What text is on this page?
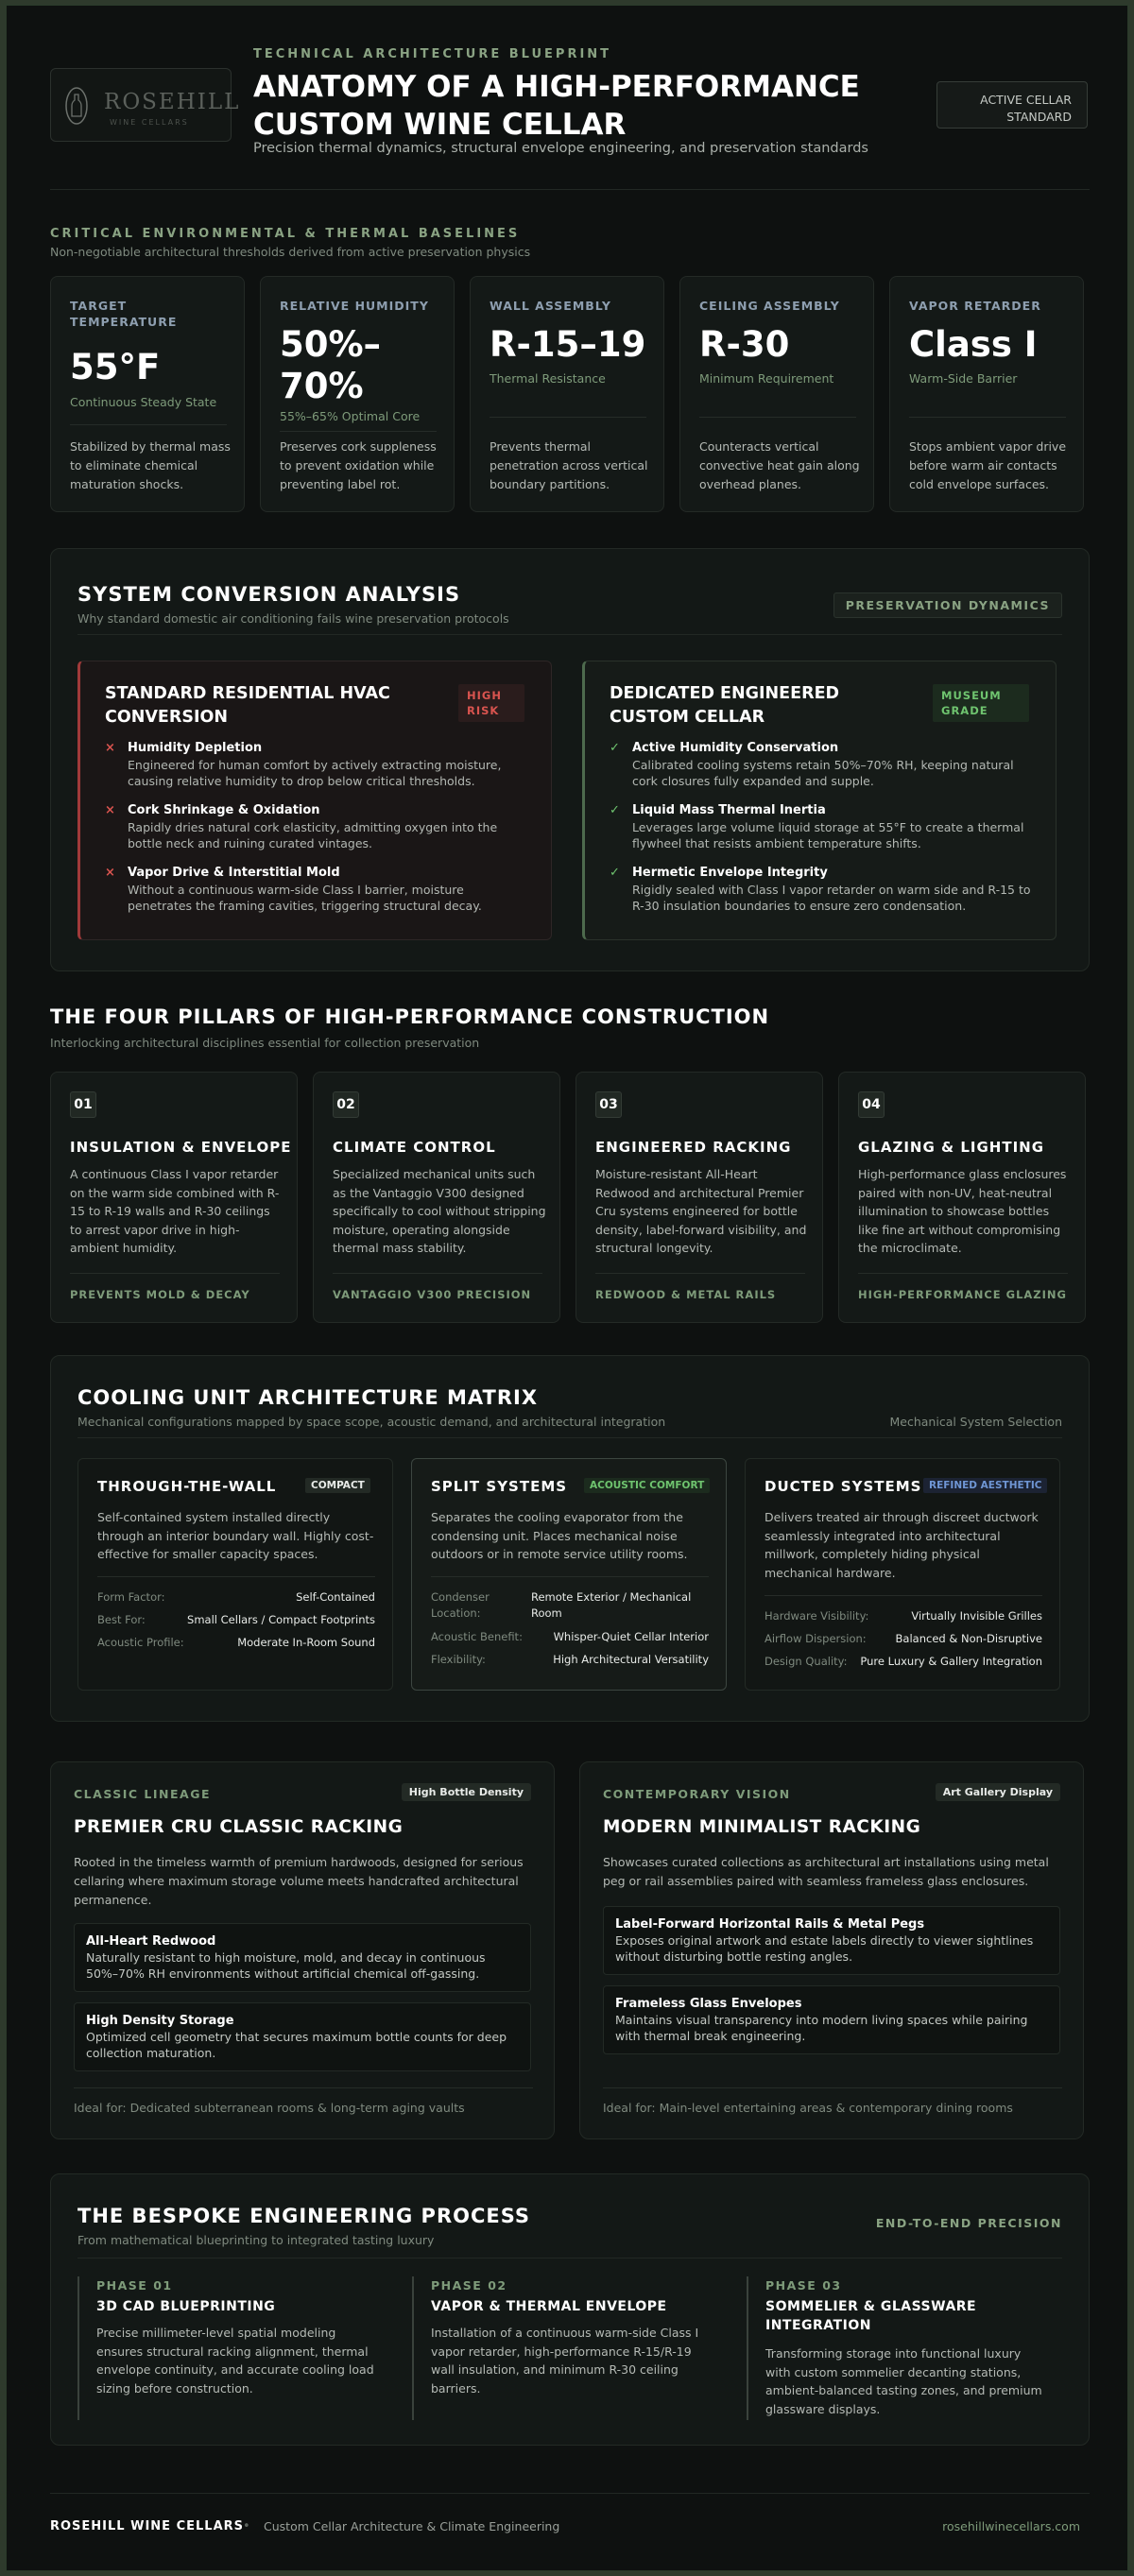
ROSEHILL
WINE CELLARS
TECHNICAL ARCHITECTURE BLUEPRINT
ANATOMY OF A HIGH-PERFORMANCE CUSTOM WINE CELLAR
Precision thermal dynamics, structural envelope engineering, and preservation standards
ACTIVE CELLAR STANDARD
CRITICAL ENVIRONMENTAL & THERMAL BASELINES
Non-negotiable architectural thresholds derived from active preservation physics
TARGET TEMPERATURE
55°F
Continuous Steady State
Stabilized by thermal mass to eliminate chemical maturation shocks.
RELATIVE HUMIDITY
50%–70%
55%–65% Optimal Core
Preserves cork suppleness to prevent oxidation while preventing label rot.
WALL ASSEMBLY
R-15–19
Thermal Resistance
Prevents thermal penetration across vertical boundary partitions.
CEILING ASSEMBLY
R-30
Minimum Requirement
Counteracts vertical convective heat gain along overhead planes.
VAPOR RETARDER
Class I
Warm-Side Barrier
Stops ambient vapor drive before warm air contacts cold envelope surfaces.
SYSTEM CONVERSION ANALYSIS
Why standard domestic air conditioning fails wine preservation protocols
PRESERVATION DYNAMICS
STANDARD RESIDENTIAL HVAC CONVERSION
HIGH RISK
× Humidity Depletion
Engineered for human comfort by actively extracting moisture, causing relative humidity to drop below critical thresholds.
× Cork Shrinkage & Oxidation
Rapidly dries natural cork elasticity, admitting oxygen into the bottle neck and ruining curated vintages.
× Vapor Drive & Interstitial Mold
Without a continuous warm-side Class I barrier, moisture penetrates the framing cavities, triggering structural decay.
DEDICATED ENGINEERED CUSTOM CELLAR
MUSEUM GRADE
✓ Active Humidity Conservation
Calibrated cooling systems retain 50%–70% RH, keeping natural cork closures fully expanded and supple.
✓ Liquid Mass Thermal Inertia
Leverages large volume liquid storage at 55°F to create a thermal flywheel that resists ambient temperature shifts.
✓ Hermetic Envelope Integrity
Rigidly sealed with Class I vapor retarder on warm side and R-15 to R-30 insulation boundaries to ensure zero condensation.
THE FOUR PILLARS OF HIGH-PERFORMANCE CONSTRUCTION
Interlocking architectural disciplines essential for collection preservation
01
INSULATION & ENVELOPE
A continuous Class I vapor retarder on the warm side combined with R-15 to R-19 walls and R-30 ceilings to arrest vapor drive in high-ambient humidity.
PREVENTS MOLD & DECAY
02
CLIMATE CONTROL
Specialized mechanical units such as the Vantaggio V300 designed specifically to cool without stripping moisture, operating alongside thermal mass stability.
VANTAGGIO V300 PRECISION
03
ENGINEERED RACKING
Moisture-resistant All-Heart Redwood and architectural Premier Cru systems engineered for bottle density, label-forward visibility, and structural longevity.
REDWOOD & METAL RAILS
04
GLAZING & LIGHTING
High-performance glass enclosures paired with non-UV, heat-neutral illumination to showcase bottles like fine art without compromising the microclimate.
HIGH-PERFORMANCE GLAZING
COOLING UNIT ARCHITECTURE MATRIX
Mechanical configurations mapped by space scope, acoustic demand, and architectural integration	Mechanical System Selection
THROUGH-THE-WALL	COMPACT
Self-contained system installed directly through an interior boundary wall. Highly cost-effective for smaller capacity spaces.
Form Factor:	Self-Contained
Best For:	Small Cellars / Compact Footprints
Acoustic Profile:	Moderate In-Room Sound
SPLIT SYSTEMS	ACOUSTIC COMFORT
Separates the cooling evaporator from the condensing unit. Places mechanical noise outdoors or in remote service utility rooms.
Condenser Location:
Remote Exterior / Mechanical Room
Acoustic Benefit:	Whisper-Quiet Cellar Interior
Flexibility:	High Architectural Versatility
DUCTED SYSTEMS REFINED AESTHETIC
Delivers treated air through discreet ductwork seamlessly integrated into architectural millwork, completely hiding physical mechanical hardware.
Hardware Visibility:	Virtually Invisible Grilles
Airflow Dispersion:	Balanced & Non-Disruptive
Design Quality: Pure Luxury & Gallery Integration
CLASSIC LINEAGE	High Bottle Density
PREMIER CRU CLASSIC RACKING
Rooted in the timeless warmth of premium hardwoods, designed for serious cellaring where maximum storage volume meets handcrafted architectural permanence.
All-Heart Redwood
Naturally resistant to high moisture, mold, and decay in continuous 50%–70% RH environments without artificial chemical off-gassing.
High Density Storage
Optimized cell geometry that secures maximum bottle counts for deep collection maturation.
Ideal for: Dedicated subterranean rooms & long-term aging vaults
CONTEMPORARY VISION	Art Gallery Display
MODERN MINIMALIST RACKING
Showcases curated collections as architectural art installations using metal peg or rail assemblies paired with seamless frameless glass enclosures.
Label-Forward Horizontal Rails & Metal Pegs
Exposes original artwork and estate labels directly to viewer sightlines without disturbing bottle resting angles.
Frameless Glass Envelopes
Maintains visual transparency into modern living spaces while pairing with thermal break engineering.
Ideal for: Main-level entertaining areas & contemporary dining rooms
THE BESPOKE ENGINEERING PROCESS
From mathematical blueprinting to integrated tasting luxury
END-TO-END PRECISION
PHASE 01
3D CAD BLUEPRINTING
Precise millimeter-level spatial modeling ensures structural racking alignment, thermal envelope continuity, and accurate cooling load sizing before construction.
PHASE 02
VAPOR & THERMAL ENVELOPE
Installation of a continuous warm-side Class I vapor retarder, high-performance R-15/R-19 wall insulation, and minimum R-30 ceiling barriers.
PHASE 03
SOMMELIER & GLASSWARE INTEGRATION
Transforming storage into functional luxury with custom sommelier decanting stations, ambient-balanced tasting zones, and premium glassware displays.
ROSEHILL WINE CELLARS • Custom Cellar Architecture & Climate Engineering	rosehillwinecellars.com
